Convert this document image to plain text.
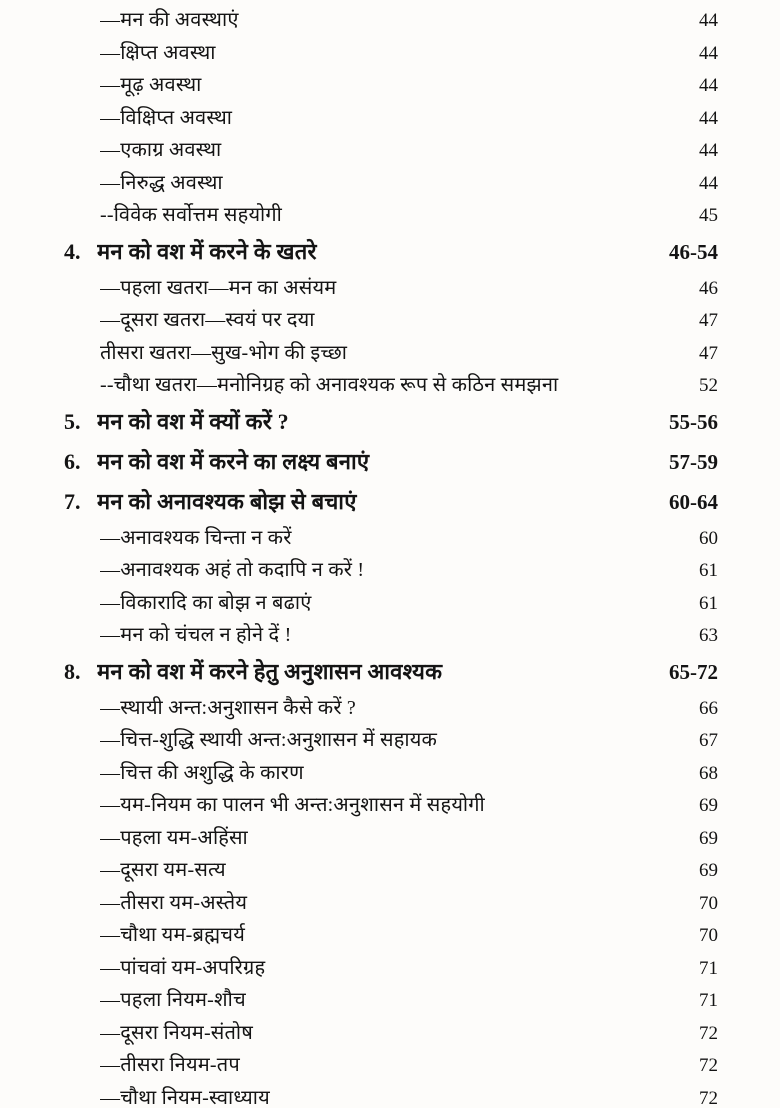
—मन की अवस्थाएं	44
—क्षिप्त अवस्था	44
—मूढ़ अवस्था	44
—विक्षिप्त अवस्था	44
—एकाग्र अवस्था	44
—निरुद्ध अवस्था	44
--विवेक सर्वोत्तम सहयोगी	45
4. मन को वश में करने के खतरे	46-54
—पहला खतरा—मन का असंयम	46
—दूसरा खतरा—स्वयं पर दया	47
तीसरा खतरा—सुख-भोग की इच्छा	47
--चौथा खतरा—मनोनिग्रह को अनावश्यक रूप से कठिन समझना	52
5. मन को वश में क्यों करें ?	55-56
6. मन को वश में करने का लक्ष्य बनाएं	57-59
7. मन को अनावश्यक बोझ से बचाएं	60-64
—अनावश्यक चिन्ता न करें	60
—अनावश्यक अहं तो कदापि न करें !	61
—विकारादि का बोझ न बढाएं	61
—मन को चंचल न होने दें !	63
8. मन को वश में करने हेतु अनुशासन आवश्यक	65-72
—स्थायी अन्त:अनुशासन कैसे करें ?	66
—चित्त-शुद्धि स्थायी अन्त:अनुशासन में सहायक	67
—चित्त की अशुद्धि के कारण	68
—यम-नियम का पालन भी अन्त:अनुशासन में सहयोगी	69
—पहला यम-अहिंसा	69
—दूसरा यम-सत्य	69
—तीसरा यम-अस्तेय	70
—चौथा यम-ब्रह्मचर्य	70
—पांचवां यम-अपरिग्रह	71
—पहला नियम-शौच	71
—दूसरा नियम-संतोष	72
—तीसरा नियम-तप	72
—चौथा नियम-स्वाध्याय	72
